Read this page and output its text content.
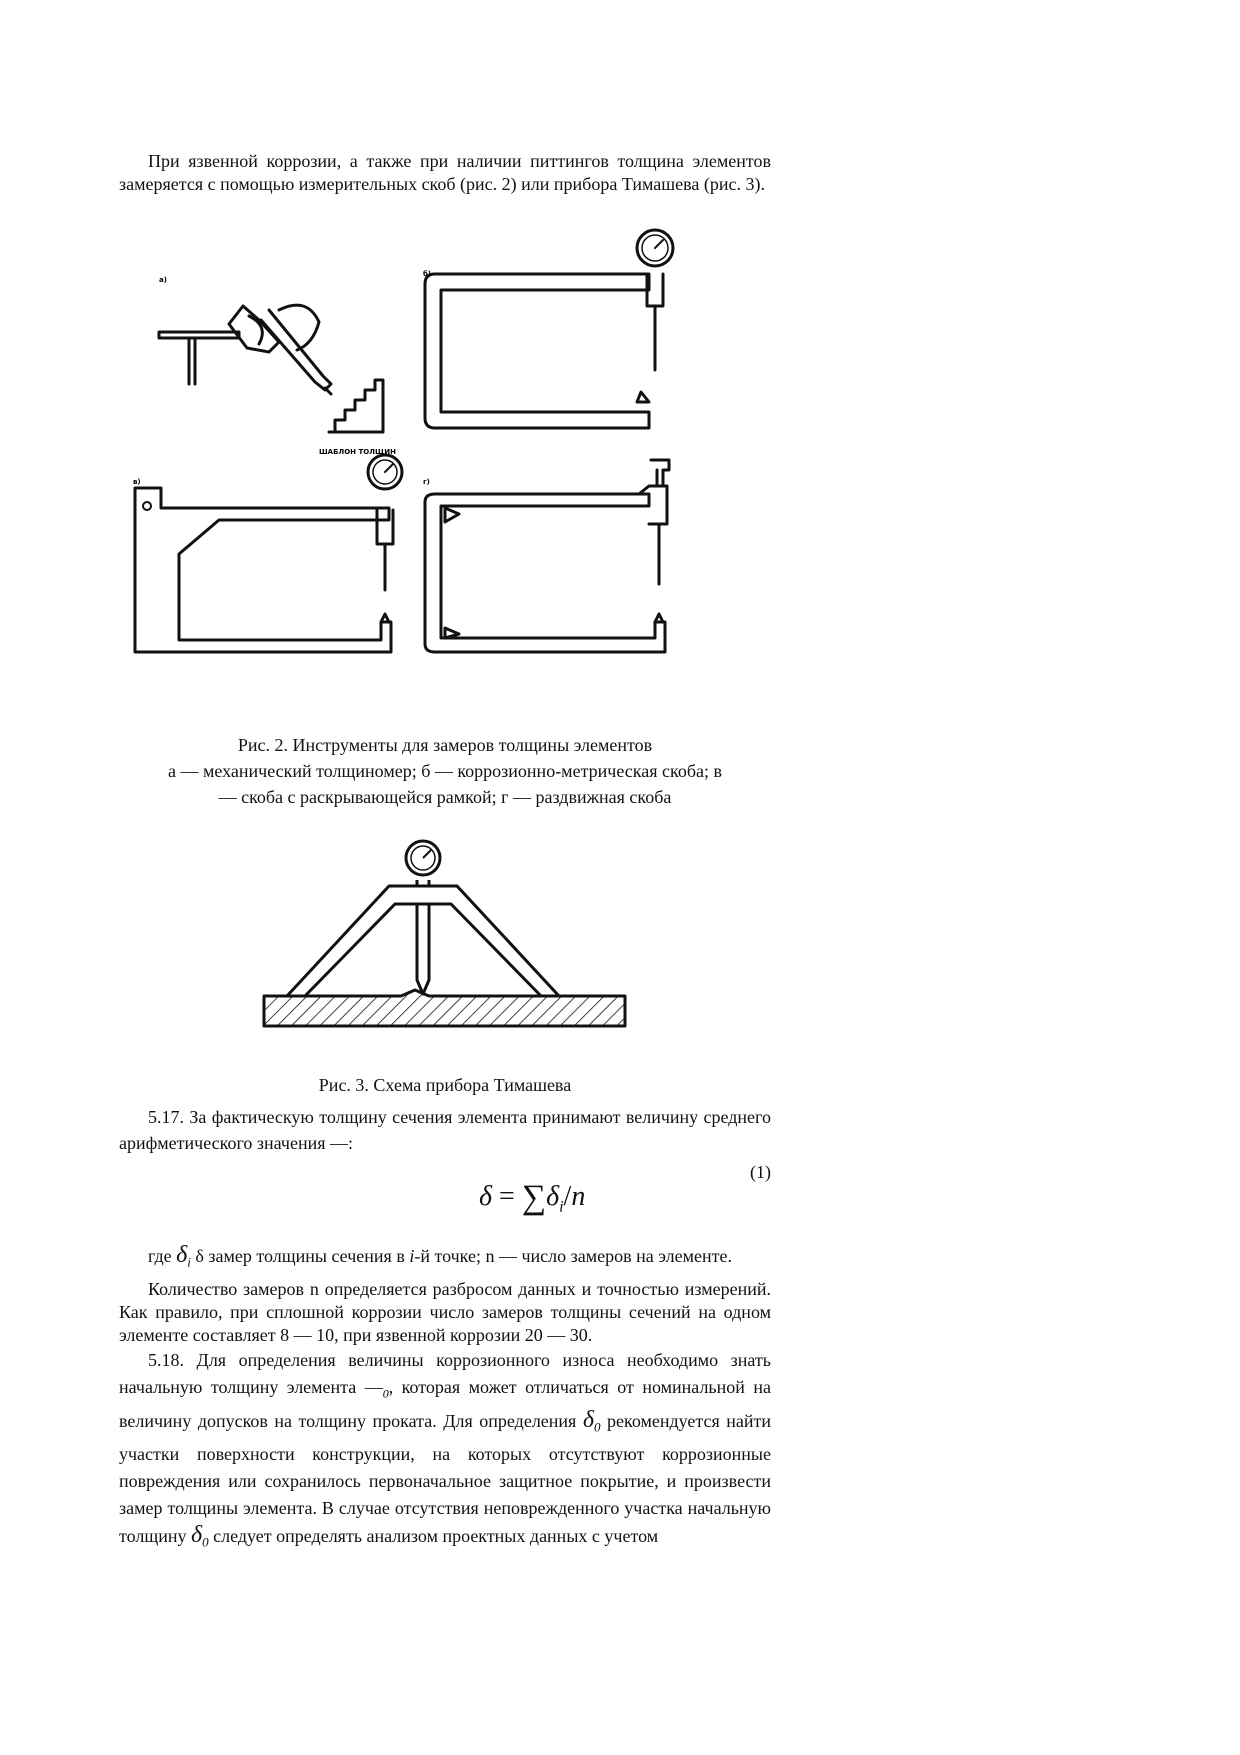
При язвенной коррозии, а также при наличии питтингов толщина элементов замеряется с помощью измерительных скоб (рис. 2) или прибора Тимашева (рис. 3).

а)
б)
в)	г)
ШАБЛОН ТОЛЩИН

Рис. 2. Инструменты для замеров толщины элементов

а — механический толщиномер; б — коррозионно-метрическая скоба; в

— скоба с раскрывающейся рамкой; г — раздвижная скоба

Рис. 3. Схема прибора Тимашева

5.17. За фактическую толщину сечения элемента принимают величину среднего арифметического значения —:

(1)
$\delta = \sum\delta_i/n$

где $\delta_i$ δ замер толщины сечения в i-й точке; n — число замеров на элементе.

Количество замеров n определяется разбросом данных и точностью измерений. Как правило, при сплошной коррозии число замеров толщины сечений на одном элементе составляет 8 — 10, при язвенной коррозии 20 — 30.

5.18. Для определения величины коррозионного износа необходимо знать начальную толщину элемента $—_0$, которая может отличаться от номинальной на величину допусков на толщину проката. Для определения $\delta_0$ рекомендуется найти участки поверхности конструкции, на которых отсутствуют коррозионные повреждения или сохранилось первоначальное защитное покрытие, и произвести замер толщины элемента. В случае отсутствия неповрежденного участка начальную толщину $\delta_0$ следует определять анализом проектных данных с учетом
